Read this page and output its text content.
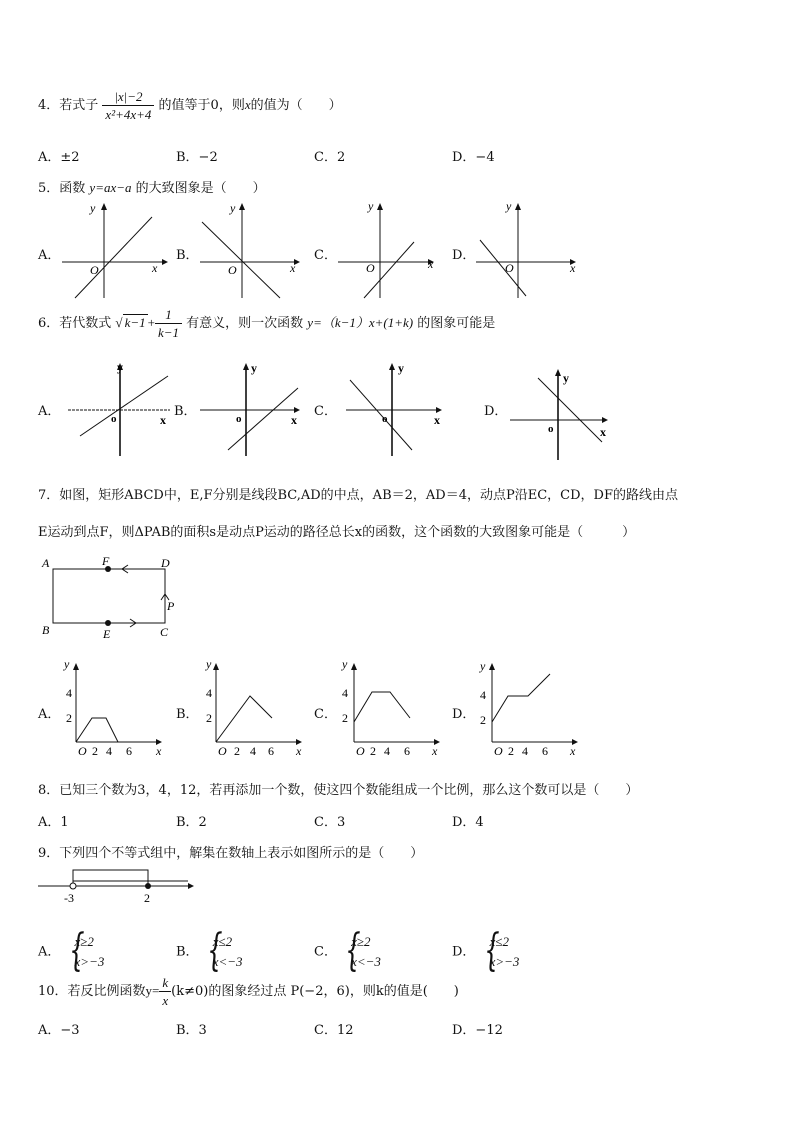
4．若式子 $\frac{|x|-2}{\text{x²+4x+4}}$ 的值等于0，则x的值为（　　）
A．±2	B．−2	C．2	D．−4
5．函数 y=ax−a 的大致图象是（　　）
A．	B．	C．	D．
y
x
O
y
x
O
y
x
O
y
x
O
6．若代数式 √ $k-1 + \frac{1}{k-1}$ 有意义，则一次函数 y=（k−1）x+(1+k) 的图象可能是
A．	B．	C．	D．
y
x
o
y
x
o
y
x
o
y
x
o
7．如图，矩形ABCD中，E,F分别是线段BC,AD的中点，AB＝2，AD＝4，动点P沿EC，CD，DF的路线由点
E运动到点F，则ΔPAB的面积s是动点P运动的路径总长x的函数，这个函数的大致图象可能是（　　　）
A	F	D
P
B	E	C
A．	B．	C．	D．
y
4
2
O 2 4 6 x
y
4
2
O 2 4 6 x
y
4
2
O 2 4 6 x
y
4
2
O 2 4 6 x
8．已知三个数为3，4，12，若再添加一个数，使这四个数能组成一个比例，那么这个数可以是（　　）
A．1	B．2	C．3	D．4
9．下列四个不等式组中，解集在数轴上表示如图所示的是（　　）
-3	2
A．
{ x≥2
x>−3
B．
{ x≤2
x<−3
C．
{ x≥2
x<−3
D．
{ x≤2
x>−3
10．若反比例函数$y= \frac{k}{x} (k\ne 0)$的图象经过点 P(−2，6)，则k的值是(　　)
A．−3	B．3	C．12	D．−12
